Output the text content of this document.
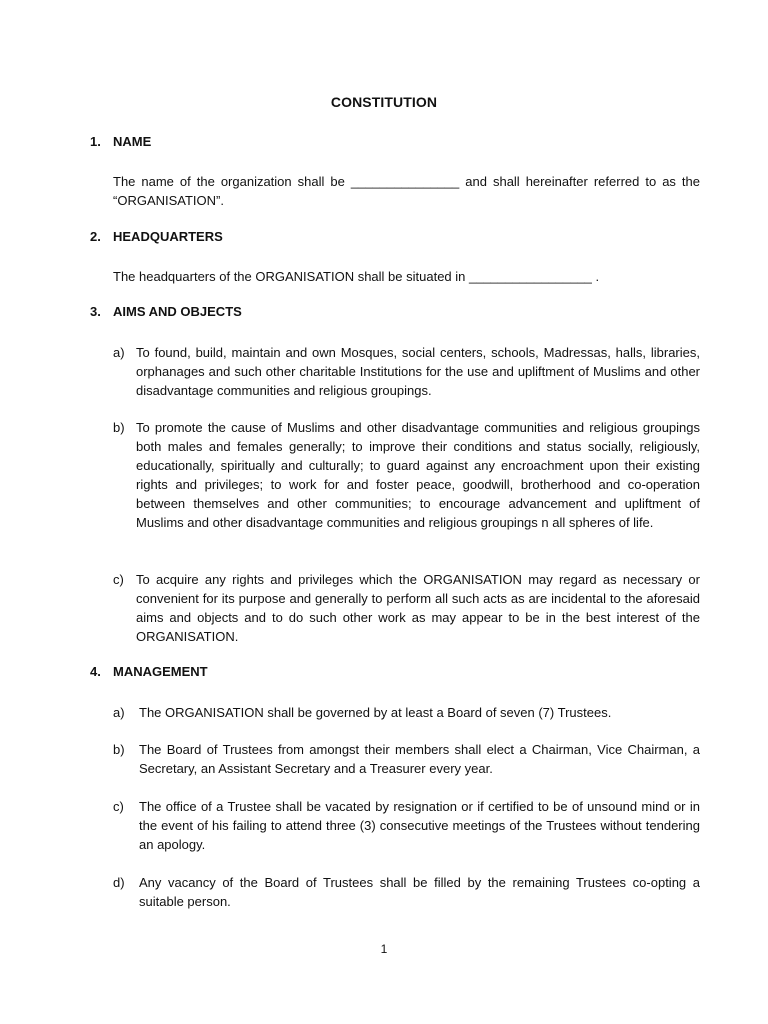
CONSTITUTION
1. NAME
The name of the organization shall be _______________ and shall hereinafter referred to as the “ORGANISATION”.
2. HEADQUARTERS
The headquarters of the ORGANISATION shall be situated in _________________ .
3. AIMS AND OBJECTS
a) To found, build, maintain and own Mosques, social centers, schools, Madressas, halls, libraries, orphanages and such other charitable Institutions for the use and upliftment of Muslims and other disadvantage communities and religious groupings.
b) To promote the cause of Muslims and other disadvantage communities and religious groupings both males and females generally; to improve their conditions and status socially, religiously, educationally, spiritually and culturally; to guard against any encroachment upon their existing rights and privileges; to work for and foster peace, goodwill, brotherhood and co-operation between themselves and other communities; to encourage advancement and upliftment of Muslims and other disadvantage communities and religious groupings n all spheres of life.
c) To acquire any rights and privileges which the ORGANISATION may regard as necessary or convenient for its purpose and generally to perform all such acts as are incidental to the aforesaid aims and objects and to do such other work as may appear to be in the best interest of the ORGANISATION.
4. MANAGEMENT
a) The ORGANISATION shall be governed by at least a Board of seven (7) Trustees.
b) The Board of Trustees from amongst their members shall elect a Chairman, Vice Chairman, a Secretary, an Assistant Secretary and a Treasurer every year.
c) The office of a Trustee shall be vacated by resignation or if certified to be of unsound mind or in the event of his failing to attend three (3) consecutive meetings of the Trustees without tendering an apology.
d) Any vacancy of the Board of Trustees shall be filled by the remaining Trustees co-opting a suitable person.
1
